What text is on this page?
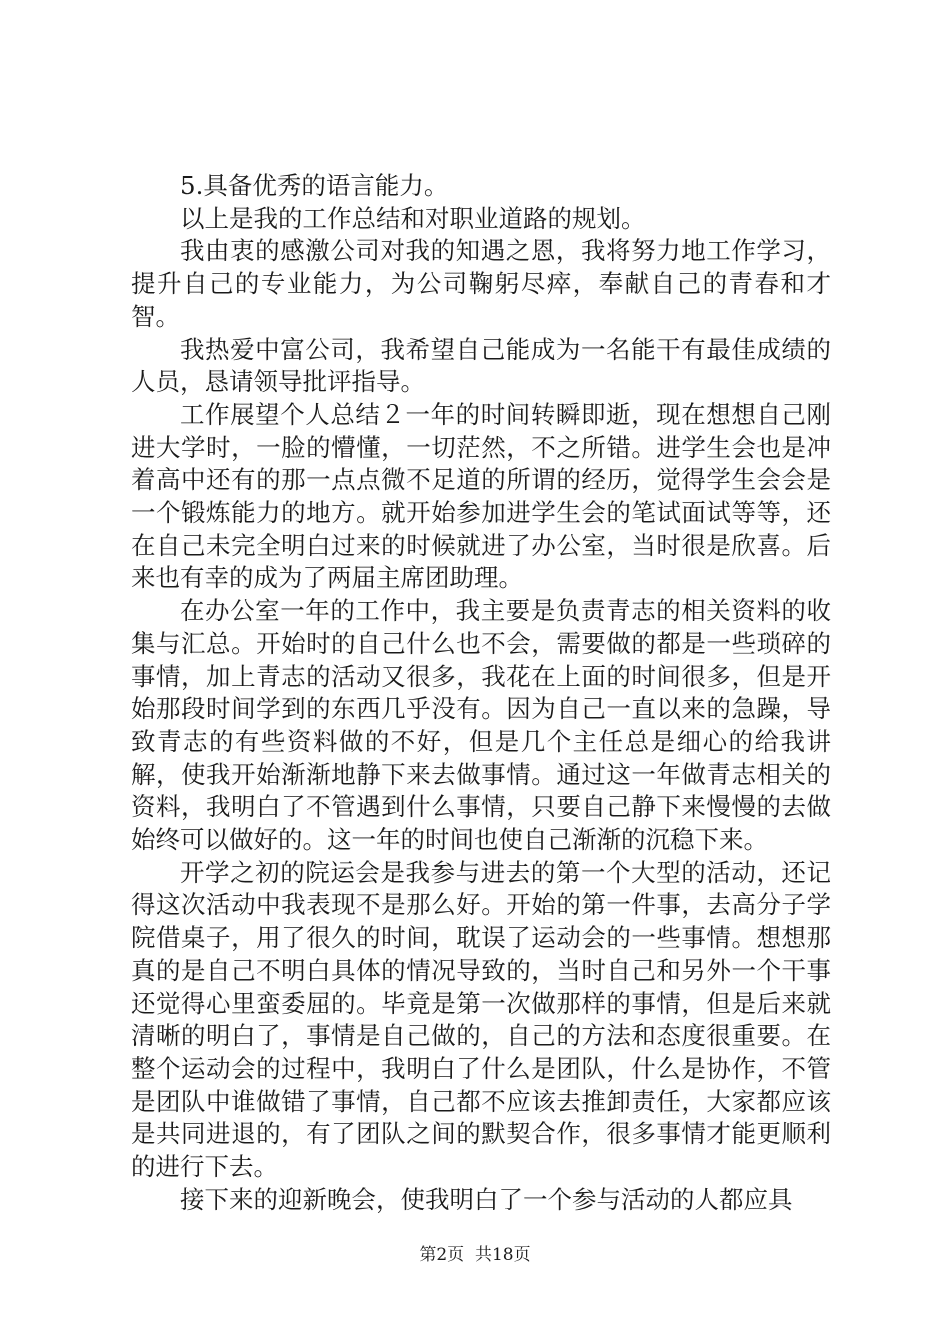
5.具备优秀的语言能力。

以上是我的工作总结和对职业道路的规划。

我由衷的感激公司对我的知遇之恩，我将努力地工作学习，提升自己的专业能力，为公司鞠躬尽瘁，奉献自己的青春和才智。

我热爱中富公司，我希望自己能成为一名能干有最佳成绩的人员，恳请领导批评指导。

工作展望个人总结２一年的时间转瞬即逝，现在想想自己刚进大学时，一脸的懵懂，一切茫然，不之所错。进学生会也是冲着高中还有的那一点点微不足道的所谓的经历，觉得学生会会是一个锻炼能力的地方。就开始参加进学生会的笔试面试等等，还在自己未完全明白过来的时候就进了办公室，当时很是欣喜。后来也有幸的成为了两届主席团助理。

在办公室一年的工作中，我主要是负责青志的相关资料的收集与汇总。开始时的自己什么也不会，需要做的都是一些琐碎的事情，加上青志的活动又很多，我花在上面的时间很多，但是开始那段时间学到的东西几乎没有。因为自己一直以来的急躁，导致青志的有些资料做的不好，但是几个主任总是细心的给我讲解，使我开始渐渐地静下来去做事情。通过这一年做青志相关的资料，我明白了不管遇到什么事情，只要自己静下来慢慢的去做始终可以做好的。这一年的时间也使自己渐渐的沉稳下来。

开学之初的院运会是我参与进去的第一个大型的活动，还记得这次活动中我表现不是那么好。开始的第一件事，去高分子学院借桌子，用了很久的时间，耽误了运动会的一些事情。想想那真的是自己不明白具体的情况导致的，当时自己和另外一个干事还觉得心里蛮委屈的。毕竟是第一次做那样的事情，但是后来就清晰的明白了，事情是自己做的，自己的方法和态度很重要。在整个运动会的过程中，我明白了什么是团队，什么是协作，不管是团队中谁做错了事情，自己都不应该去推卸责任，大家都应该是共同进退的，有了团队之间的默契合作，很多事情才能更顺利的进行下去。

接下来的迎新晚会，使我明白了一个参与活动的人都应具

第2页  共18页
